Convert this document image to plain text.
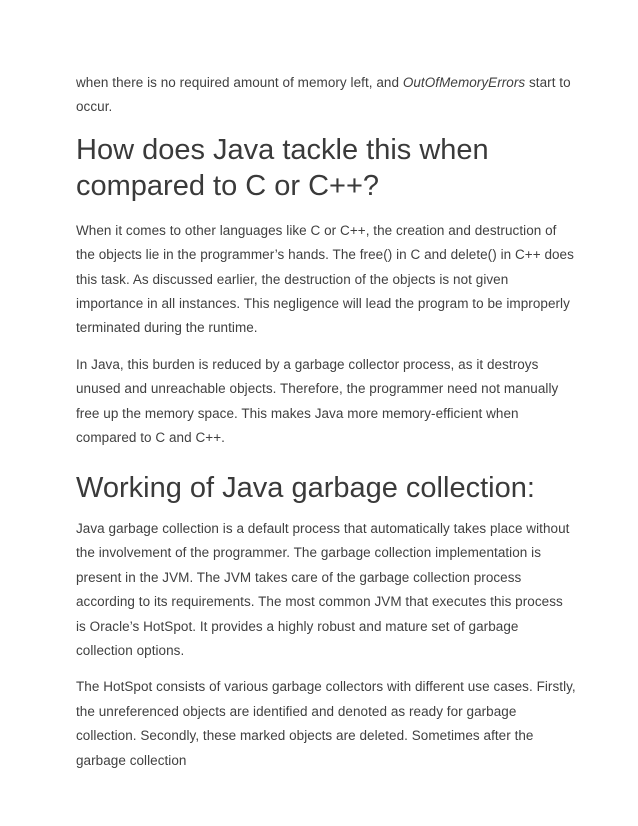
when there is no required amount of memory left, and OutOfMemoryErrors start to occur.

How does Java tackle this when compared to C or C++?

When it comes to other languages like C or C++, the creation and destruction of the objects lie in the programmer’s hands. The free() in C and delete() in C++ does this task. As discussed earlier, the destruction of the objects is not given importance in all instances. This negligence will lead the program to be improperly terminated during the runtime.

In Java, this burden is reduced by a garbage collector process, as it destroys unused and unreachable objects. Therefore, the programmer need not manually free up the memory space. This makes Java more memory-efficient when compared to C and C++.

Working of Java garbage collection:

Java garbage collection is a default process that automatically takes place without the involvement of the programmer. The garbage collection implementation is present in the JVM. The JVM takes care of the garbage collection process according to its requirements. The most common JVM that executes this process is Oracle’s HotSpot. It provides a highly robust and mature set of garbage collection options.

The HotSpot consists of various garbage collectors with different use cases. Firstly, the unreferenced objects are identified and denoted as ready for garbage collection. Secondly, these marked objects are deleted. Sometimes after the garbage collection
